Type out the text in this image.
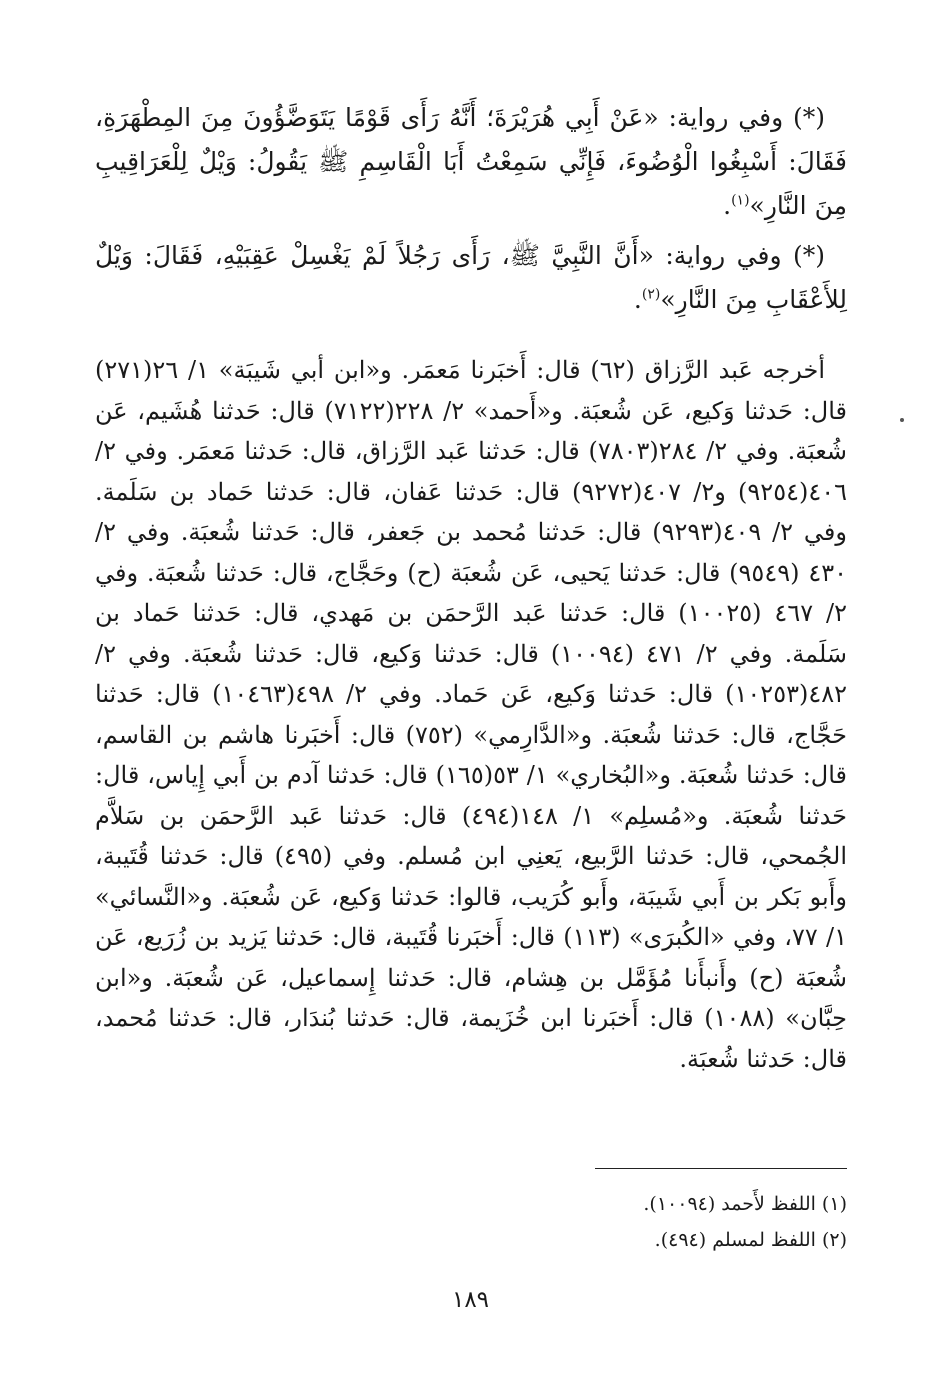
(*) وفي رواية: «عَنْ أَبِي هُرَيْرَةَ؛ أَنَّهُ رَأَى قَوْمًا يَتَوَضَّؤُونَ مِنَ المِطْهَرَةِ، فَقَالَ: أَسْبِغُوا الْوُضُوءَ، فَإِنِّي سَمِعْتُ أَبَا الْقَاسِمِ ﷺ يَقُولُ: وَيْلٌ لِلْعَرَاقِيبِ مِنَ النَّارِ»$^{(١)}$.

(*) وفي رواية: «أَنَّ النَّبِيَّ ﷺ، رَأَى رَجُلاً لَمْ يَغْسِلْ عَقِبَيْهِ، فَقَالَ: وَيْلٌ لِلأَعْقَابِ مِنَ النَّارِ»$^{(٢)}$.

أخرجه عَبد الرَّزاق (٦٢) قال: أَخبَرنا مَعمَر. و«ابن أبي شَيبَة» ١/ ٢٦(٢٧١) قال: حَدثنا وَكيع، عَن شُعبَة. و«أَحمد» ٢/ ٢٢٨(٧١٢٢) قال: حَدثنا هُشَيم، عَن شُعبَة. وفي ٢/ ٢٨٤(٧٨٠٣) قال: حَدثنا عَبد الرَّزاق، قال: حَدثنا مَعمَر. وفي ٢/ ٤٠٦(٩٢٥٤) و٢/ ٤٠٧(٩٢٧٢) قال: حَدثنا عَفان، قال: حَدثنا حَماد بن سَلَمة. وفي ٢/ ٤٠٩(٩٢٩٣) قال: حَدثنا مُحمد بن جَعفر، قال: حَدثنا شُعبَة. وفي ٢/ ٤٣٠ (٩٥٤٩) قال: حَدثنا يَحيى، عَن شُعبَة (ح) وحَجَّاج، قال: حَدثنا شُعبَة. وفي ٢/ ٤٦٧ (١٠٠٢٥) قال: حَدثنا عَبد الرَّحمَن بن مَهدي، قال: حَدثنا حَماد بن سَلَمة. وفي ٢/ ٤٧١ (١٠٠٩٤) قال: حَدثنا وَكيع، قال: حَدثنا شُعبَة. وفي ٢/ ٤٨٢(١٠٢٥٣) قال: حَدثنا وَكيع، عَن حَماد. وفي ٢/ ٤٩٨(١٠٤٦٣) قال: حَدثنا حَجَّاج، قال: حَدثنا شُعبَة. و«الدَّارِمي» (٧٥٢) قال: أَخبَرنا هاشم بن القاسم، قال: حَدثنا شُعبَة. و«البُخاري» ١/ ٥٣(١٦٥) قال: حَدثنا آدم بن أَبي إِياس، قال: حَدثنا شُعبَة. و«مُسلِم» ١/ ١٤٨(٤٩٤) قال: حَدثنا عَبد الرَّحمَن بن سَلاَّم الجُمحي، قال: حَدثنا الرَّبيع، يَعنِي ابن مُسلم. وفي (٤٩٥) قال: حَدثنا قُتَيبة، وأَبو بَكر بن أَبي شَيبَة، وأَبو كُرَيب، قالوا: حَدثنا وَكيع، عَن شُعبَة. و«النَّسائي» ١/ ٧٧، وفي «الكُبرَى» (١١٣) قال: أَخبَرنا قُتَيبة، قال: حَدثنا يَزيد بن زُرَيع، عَن شُعبَة (ح) وأَنبأَنا مُؤَمَّل بن هِشام، قال: حَدثنا إِسماعيل، عَن شُعبَة. و«ابن حِبَّان» (١٠٨٨) قال: أَخبَرنا ابن خُزَيمة، قال: حَدثنا بُندَار، قال: حَدثنا مُحمد، قال: حَدثنا شُعبَة.

(١) اللفظ لأَحمد (١٠٠٩٤).
(٢) اللفظ لمسلم (٤٩٤).
١٨٩
